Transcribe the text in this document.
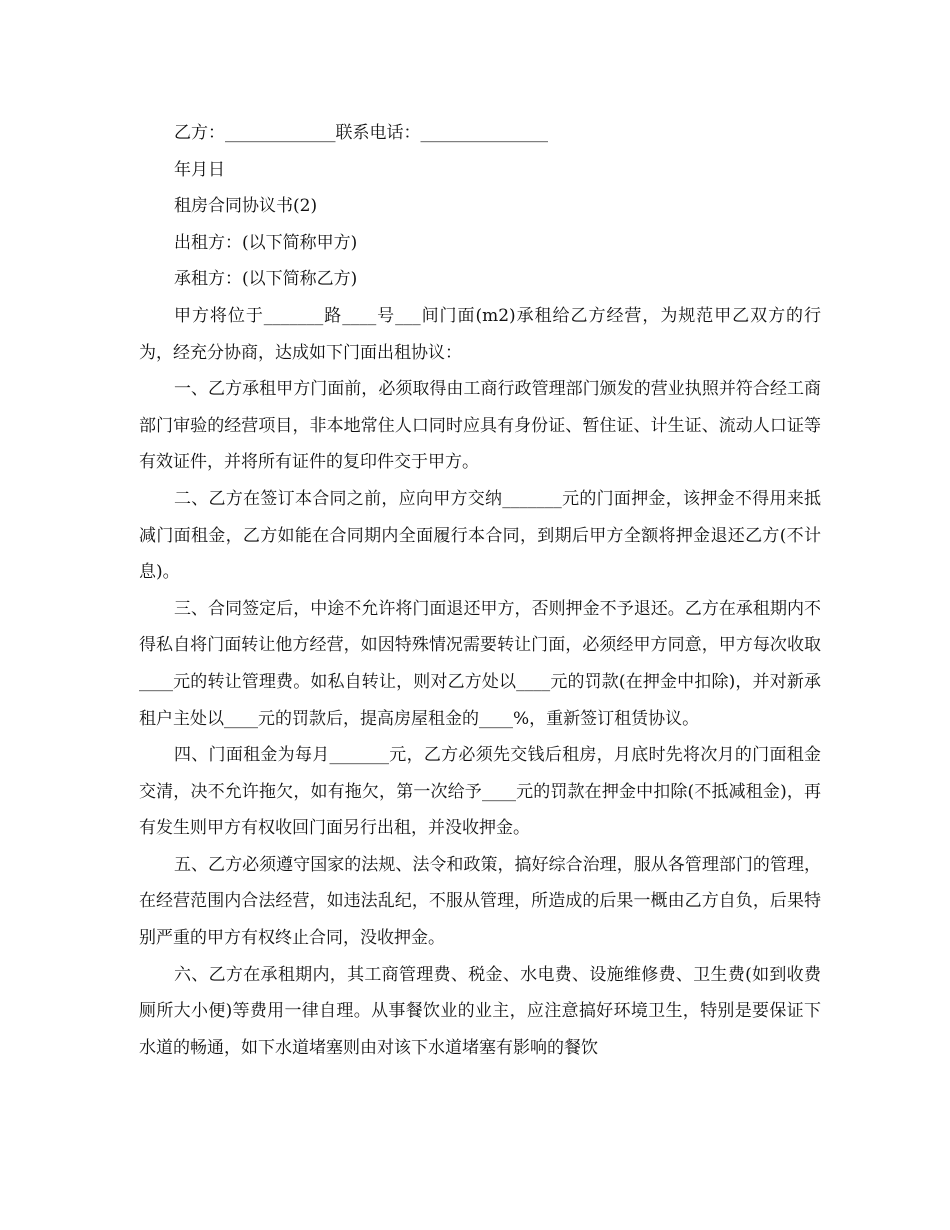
乙方：_____________联系电话：_______________

年月日

租房合同协议书(2)

出租方：(以下简称甲方)

承租方：(以下简称乙方)

甲方将位于_______路____号___间门面(m2)承租给乙方经营，为规范甲乙双方的行为，经充分协商，达成如下门面出租协议：

一、乙方承租甲方门面前，必须取得由工商行政管理部门颁发的营业执照并符合经工商部门审验的经营项目，非本地常住人口同时应具有身份证、暂住证、计生证、流动人口证等有效证件，并将所有证件的复印件交于甲方。

二、乙方在签订本合同之前，应向甲方交纳_______元的门面押金，该押金不得用来抵减门面租金，乙方如能在合同期内全面履行本合同，到期后甲方全额将押金退还乙方(不计息)。

三、合同签定后，中途不允许将门面退还甲方，否则押金不予退还。乙方在承租期内不得私自将门面转让他方经营，如因特殊情况需要转让门面，必须经甲方同意，甲方每次收取____元的转让管理费。如私自转让，则对乙方处以____元的罚款(在押金中扣除)，并对新承租户主处以____元的罚款后，提高房屋租金的____%，重新签订租赁协议。

四、门面租金为每月_______元，乙方必须先交钱后租房，月底时先将次月的门面租金交清，决不允许拖欠，如有拖欠，第一次给予____元的罚款在押金中扣除(不抵减租金)，再有发生则甲方有权收回门面另行出租，并没收押金。

五、乙方必须遵守国家的法规、法令和政策，搞好综合治理，服从各管理部门的管理，在经营范围内合法经营，如违法乱纪，不服从管理，所造成的后果一概由乙方自负，后果特别严重的甲方有权终止合同，没收押金。

六、乙方在承租期内，其工商管理费、税金、水电费、设施维修费、卫生费(如到收费厕所大小便)等费用一律自理。从事餐饮业的业主，应注意搞好环境卫生，特别是要保证下水道的畅通，如下水道堵塞则由对该下水道堵塞有影响的餐饮
